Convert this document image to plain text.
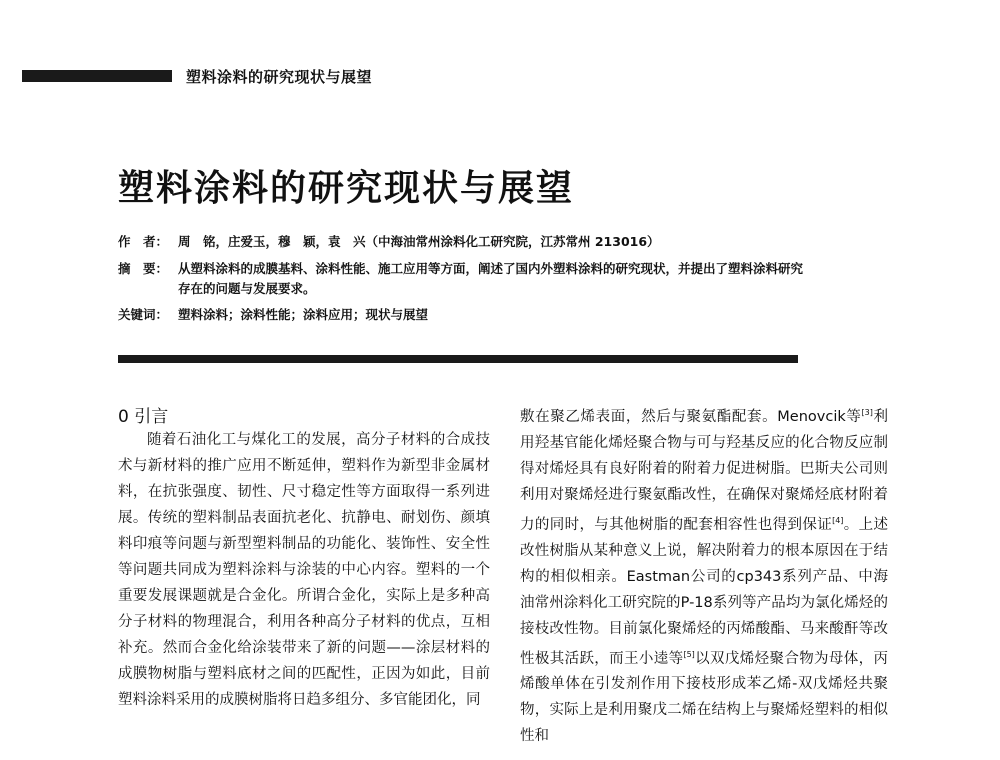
塑料涂料的研究现状与展望
塑料涂料的研究现状与展望
作　者： 周　铭，庄爱玉，穆　颖，袁　兴（中海油常州涂料化工研究院，江苏常州 213016）
摘　要： 从塑料涂料的成膜基料、涂料性能、施工应用等方面，阐述了国内外塑料涂料的研究现状，并提出了塑料涂料研究存在的问题与发展要求。
关键词： 塑料涂料；涂料性能；涂料应用；现状与展望
0 引言

随着石油化工与煤化工的发展，高分子材料的合成技术与新材料的推广应用不断延伸，塑料作为新型非金属材料，在抗张强度、韧性、尺寸稳定性等方面取得一系列进展。传统的塑料制品表面抗老化、抗静电、耐划伤、颜填料印痕等问题与新型塑料制品的功能化、装饰性、安全性等问题共同成为塑料涂料与涂装的中心内容。塑料的一个重要发展课题就是合金化。所谓合金化，实际上是多种高分子材料的物理混合，利用各种高分子材料的优点，互相补充。然而合金化给涂装带来了新的问题——涂层材料的成膜物树脂与塑料底材之间的匹配性，正因为如此，目前塑料涂料采用的成膜树脂将日趋多组分、多官能团化，同

敷在聚乙烯表面，然后与聚氨酯配套。Menovcik等[3]利用羟基官能化烯烃聚合物与可与羟基反应的化合物反应制得对烯烃具有良好附着的附着力促进树脂。巴斯夫公司则利用对聚烯烃进行聚氨酯改性，在确保对聚烯烃底材附着力的同时，与其他树脂的配套相容性也得到保证[4]。上述改性树脂从某种意义上说，解决附着力的根本原因在于结构的相似相亲。Eastman公司的cp343系列产品、中海油常州涂料化工研究院的P-18系列等产品均为氯化烯烃的接枝改性物。目前氯化聚烯烃的丙烯酸酯、马来酸酐等改性极其活跃，而王小逵等[5]以双戊烯烃聚合物为母体，丙烯酸单体在引发剂作用下接枝形成苯乙烯-双戊烯烃共聚物，实际上是利用聚戊二烯在结构上与聚烯烃塑料的相似性和
